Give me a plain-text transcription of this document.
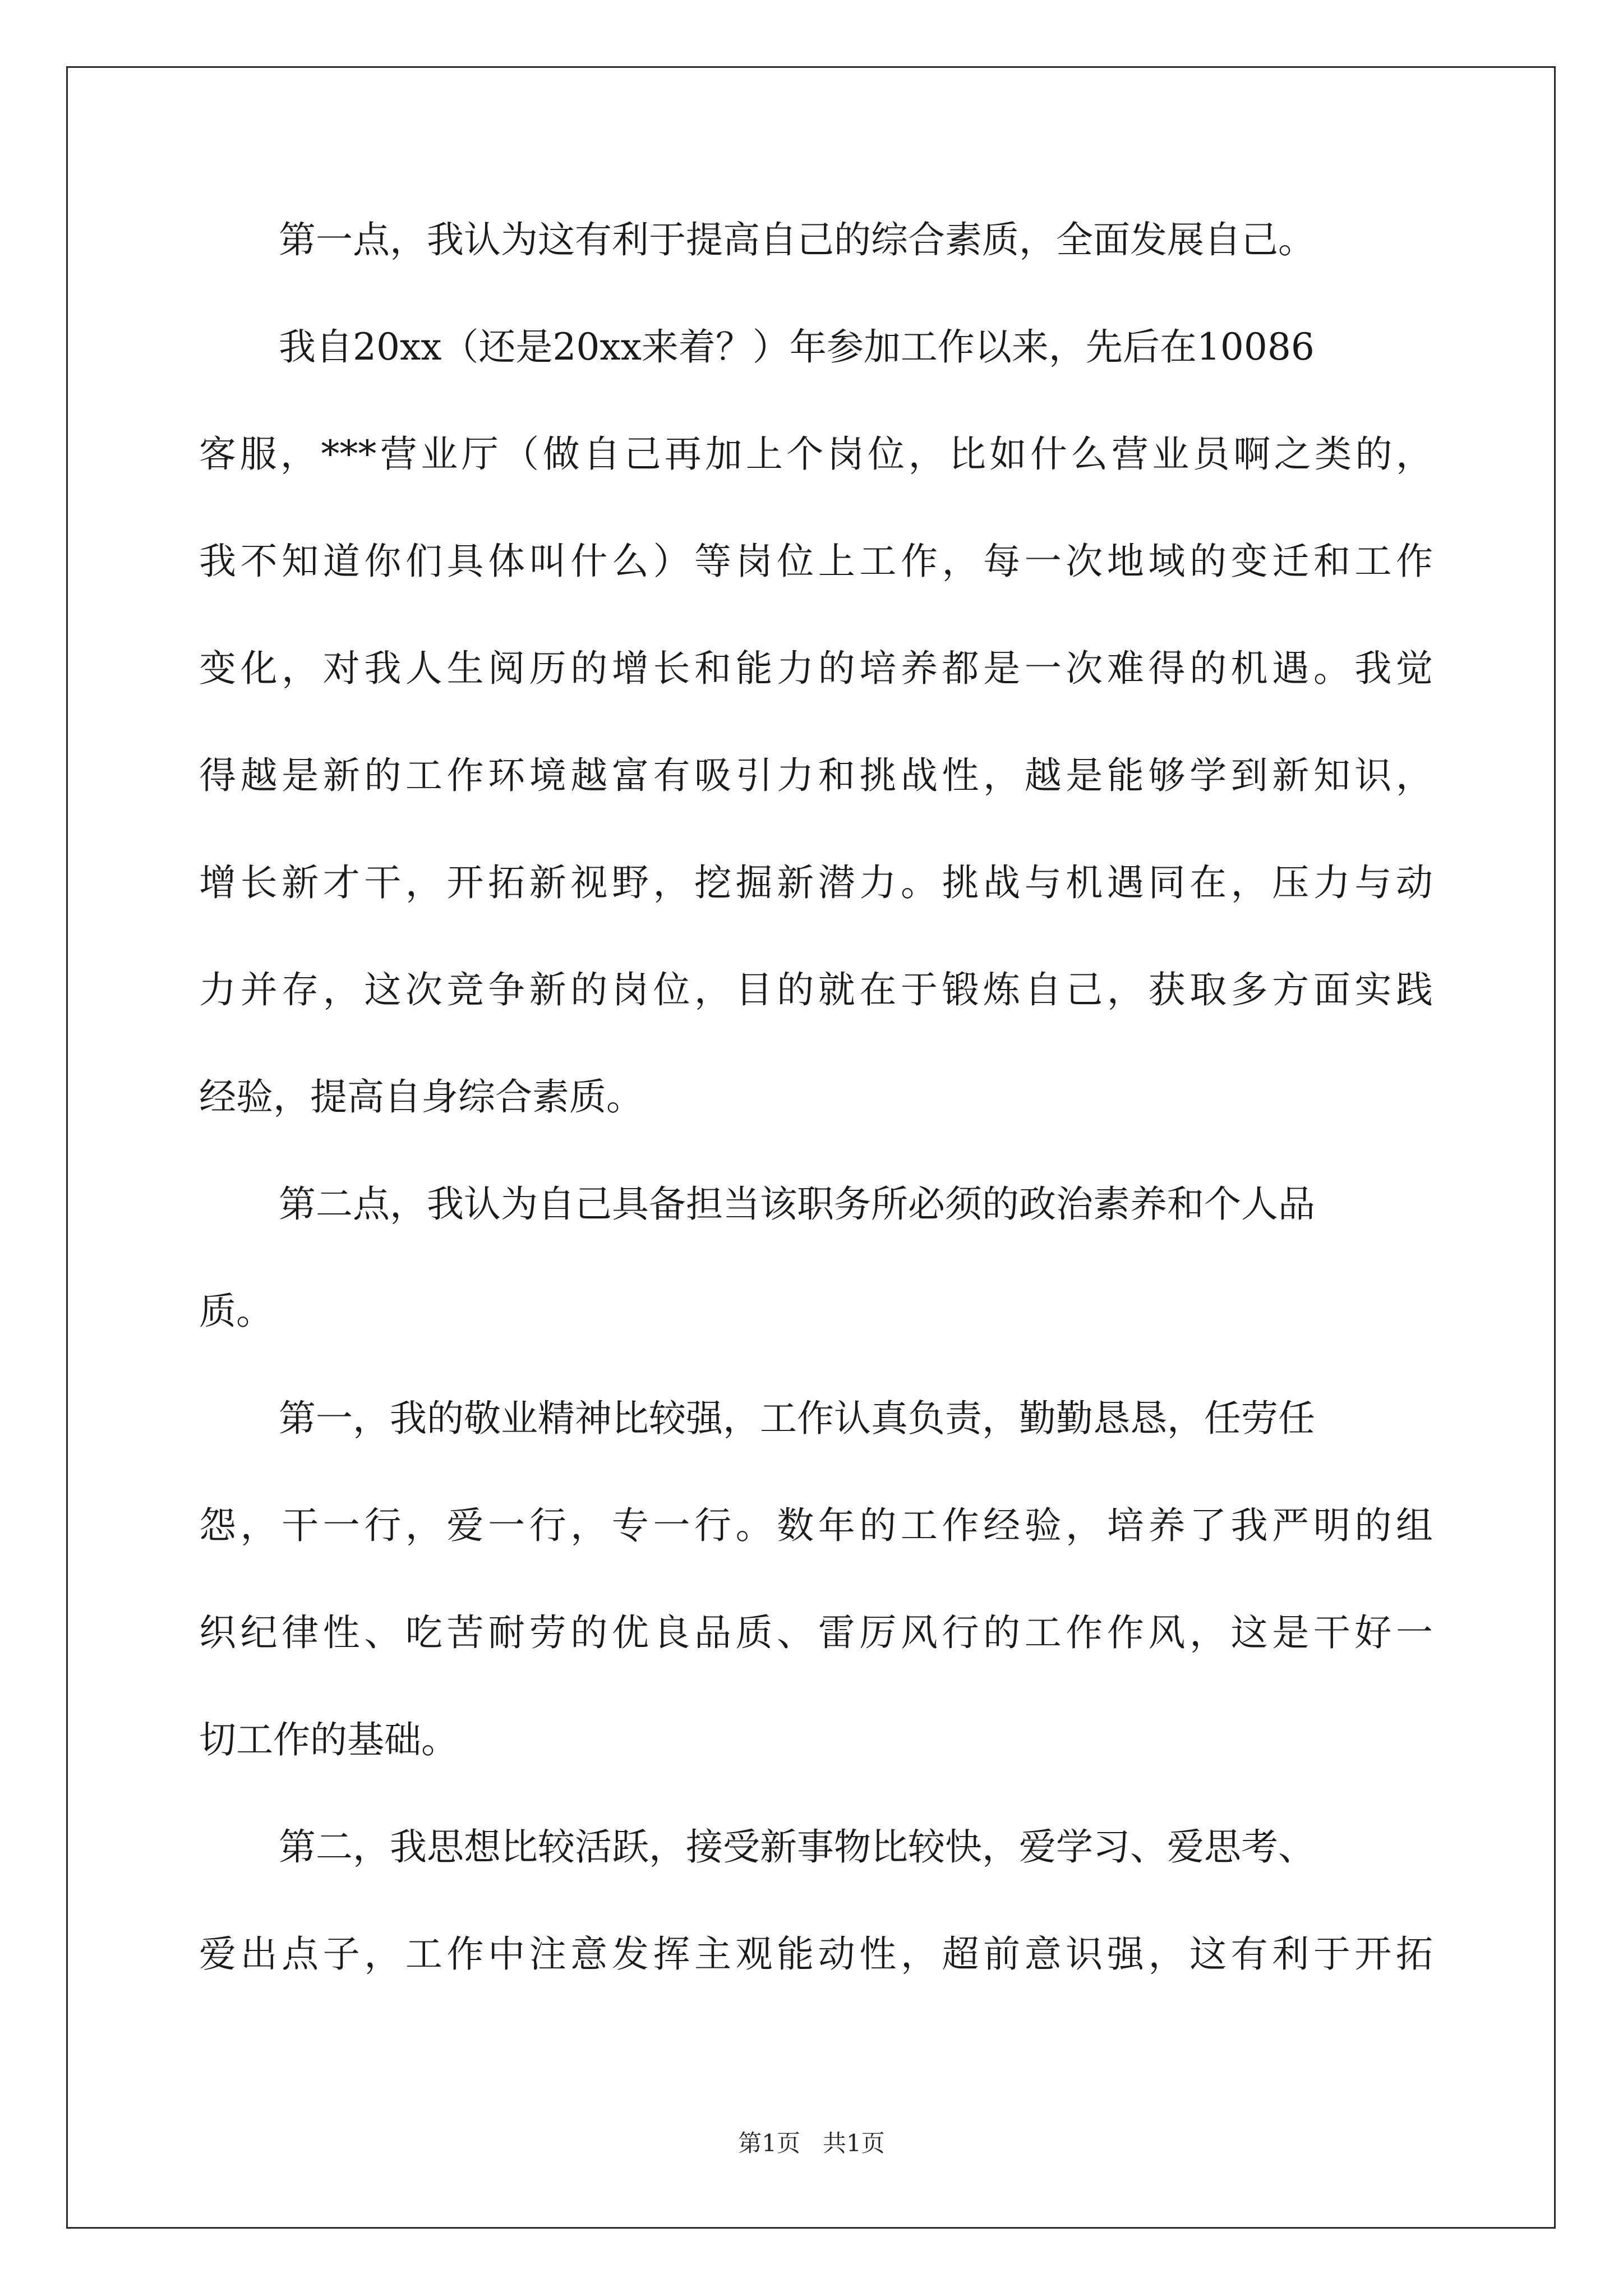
第一点，我认为这有利于提高自己的综合素质，全面发展自己。
我自20xx（还是20xx来着？）年参加工作以来，先后在10086
客服，***营业厅（做自己再加上个岗位，比如什么营业员啊之类的，
我不知道你们具体叫什么）等岗位上工作，每一次地域的变迁和工作
变化，对我人生阅历的增长和能力的培养都是一次难得的机遇。我觉
得越是新的工作环境越富有吸引力和挑战性，越是能够学到新知识，
增长新才干，开拓新视野，挖掘新潜力。挑战与机遇同在，压力与动
力并存，这次竞争新的岗位，目的就在于锻炼自己，获取多方面实践
经验，提高自身综合素质。
第二点，我认为自己具备担当该职务所必须的政治素养和个人品
质。
第一，我的敬业精神比较强，工作认真负责，勤勤恳恳，任劳任
怨，干一行，爱一行，专一行。数年的工作经验，培养了我严明的组
织纪律性、吃苦耐劳的优良品质、雷厉风行的工作作风，这是干好一
切工作的基础。
第二，我思想比较活跃，接受新事物比较快，爱学习、爱思考、
爱出点子，工作中注意发挥主观能动性，超前意识强，这有利于开拓
第1页   共1页
